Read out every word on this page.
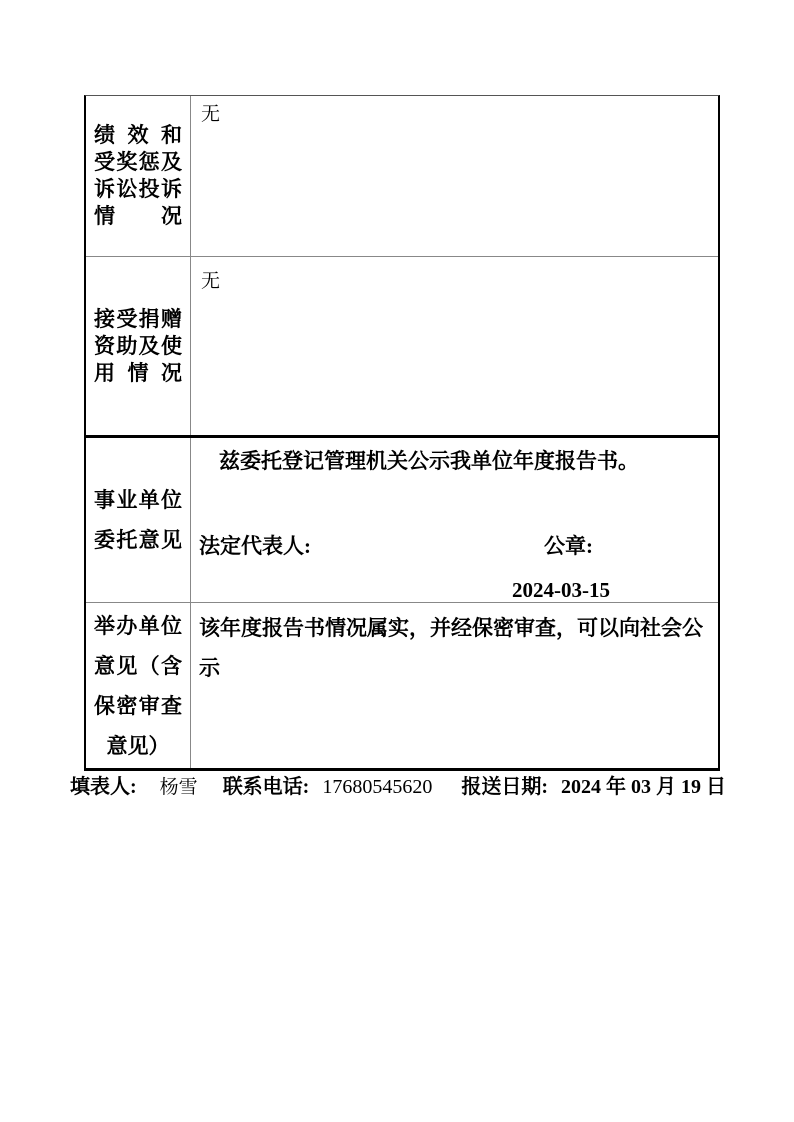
绩效和
受奖惩及
诉讼投诉
情况
无
接受捐赠
资助及使
用情况
无
事业单位
委托意见
兹委托登记管理机关公示我单位年度报告书。
法定代表人:	公章:
2024-03-15
举办单位
意见（含
保密审查
意见）
该年度报告书情况属实，并经保密审查，可以向社会公示
填表人: 杨雪 联系电话: 17680545620 报送日期: 2024 年 03 月 19 日
